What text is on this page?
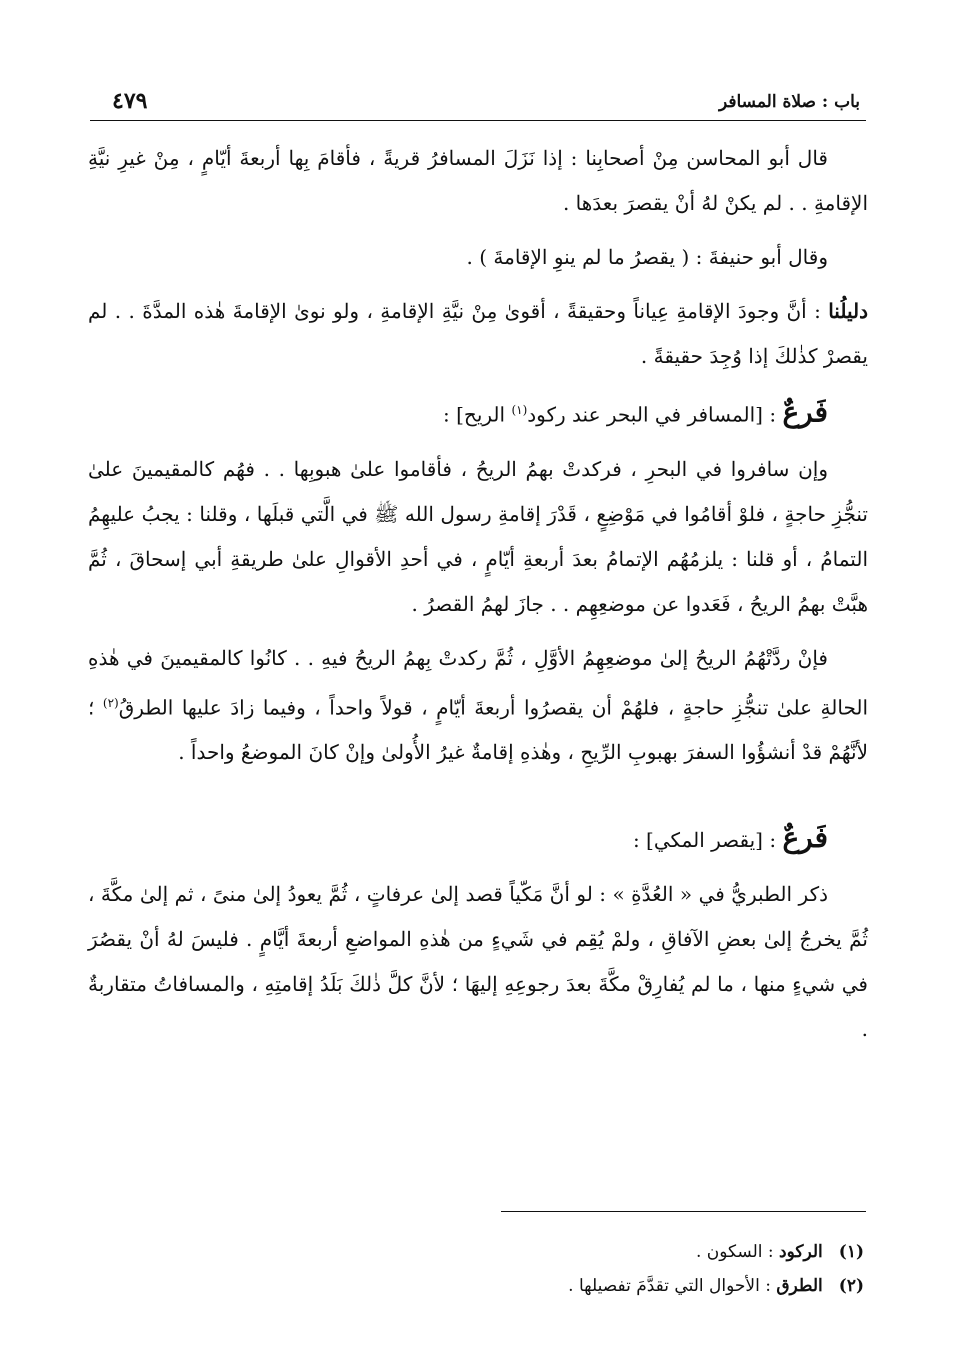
باب : صلاة المسافر
٤٧٩

قال أبو المحاسن مِنْ أصحابِنا : إذا نَزَلَ المسافرُ قريةً ، فأقامَ بِها أربعةَ أيّامٍ ، مِنْ غيرِ نيَّةِ الإقامةِ . . لم يكنْ لهُ أنْ يقصرَ بعدَها .

وقال أبو حنيفةَ : ( يقصرُ ما لم ينوِ الإقامةَ ) .

دليلُنا : أنَّ وجودَ الإقامةِ عِياناً وحقيقةً ، أقوىٰ مِنْ نيَّةِ الإقامةِ ، ولو نوىٰ الإقامةَ هٰذه المدَّةَ . . لم يقصرْ كذٰلكَ إذا وُجِدَ حقيقةً .

فَرعٌ : [المسافر في البحر عند ركود$^{(١)}$ الريح] :

وإن سافروا في البحرِ ، فركدتْ بهمُ الريحُ ، فأقاموا علىٰ هبوبِها . . فهُم كالمقيمينَ علىٰ تنجُّزِ حاجةٍ ، فلوْ أقامُوا في مَوْضِعٍ ، قَدْرَ إقامةِ رسول الله ﷺ في الَّتي قبلَها ، وقلنا : يجبُ عليهِمُ التمامُ ، أو قلنا : يلزمُهُم الإتمامُ بعدَ أربعةِ أيّامٍ ، في أحدِ الأقوالِ علىٰ طريقةِ أبي إسحاقَ ، ثُمَّ هبَّتْ بهمُ الريحُ ، فَعَدوا عن موضعِهِم . . جازَ لهمُ القصرُ .

فإنْ ردَّتْهُمُ الريحُ إلىٰ موضعِهِمُ الأوَّلِ ، ثُمَّ ركدتْ بِهمُ الريحُ فيهِ . . كانُوا كالمقيمينَ في هٰذهِ الحالةِ علىٰ تنجُّزِ حاجةٍ ، فلهُمْ أن يقصرُوا أربعةَ أيّامٍ ، قولاً واحداً ، وفيما زادَ عليها الطرقُ$^{(٢)}$ ؛ لأنَّهُمْ قدْ أنشؤُوا السفرَ بهبوبِ الرِّيحِ ، وهٰذهِ إقامةٌ غيرُ الأُولىٰ وإنْ كانَ الموضعُ واحداً .

فَرعٌ : [يقصر المكي] :

ذكر الطبريُّ في « العُدَّةِ » : لو أنَّ مَكّياً قصد إلىٰ عرفاتٍ ، ثُمَّ يعودُ إلىٰ منىً ، ثم إلىٰ مكَّةَ ، ثُمَّ يخرجُ إلىٰ بعضِ الآفاقِ ، ولمْ يُقِم في شَيءٍ من هٰذهِ المواضعِ أربعةَ أيَّامٍ . فليسَ لهُ أنْ يقصُرَ في شيءٍ منها ، ما لم يُفارِقْ مكَّةَ بعدَ رجوعِهِ إليهَا ؛ لأنَّ كلَّ ذٰلكَ بَلَدُ إقامتِهِ ، والمسافاتُ متقاربةٌ .

(١)الركود : السكون .
(٢)الطرق : الأحوال التي تقدَّمَ تفصيلها .
